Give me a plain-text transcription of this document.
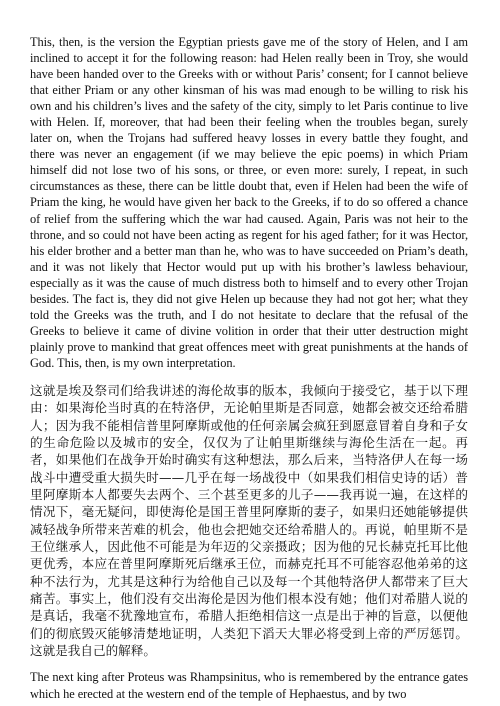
This, then, is the version the Egyptian priests gave me of the story of Helen, and I am inclined to accept it for the following reason: had Helen really been in Troy, she would have been handed over to the Greeks with or without Paris’ consent; for I cannot believe that either Priam or any other kinsman of his was mad enough to be willing to risk his own and his children’s lives and the safety of the city, simply to let Paris continue to live with Helen. If, moreover, that had been their feeling when the troubles began, surely later on, when the Trojans had suffered heavy losses in every battle they fought, and there was never an engagement (if we may believe the epic poems) in which Priam himself did not lose two of his sons, or three, or even more: surely, I repeat, in such circumstances as these, there can be little doubt that, even if Helen had been the wife of Priam the king, he would have given her back to the Greeks, if to do so offered a chance of relief from the suffering which the war had caused. Again, Paris was not heir to the throne, and so could not have been acting as regent for his aged father; for it was Hector, his elder brother and a better man than he, who was to have succeeded on Priam’s death, and it was not likely that Hector would put up with his brother’s lawless behaviour, especially as it was the cause of much distress both to himself and to every other Trojan besides. The fact is, they did not give Helen up because they had not got her; what they told the Greeks was the truth, and I do not hesitate to declare that the refusal of the Greeks to believe it came of divine volition in order that their utter destruction might plainly prove to mankind that great offences meet with great punishments at the hands of God. This, then, is my own interpretation.

这就是埃及祭司们给我讲述的海伦故事的版本，我倾向于接受它，基于以下理由：如果海伦当时真的在特洛伊，无论帕里斯是否同意，她都会被交还给希腊人；因为我不能相信普里阿摩斯或他的任何亲属会疯狂到愿意冒着自身和子女的生命危险以及城市的安全，仅仅为了让帕里斯继续与海伦生活在一起。再者，如果他们在战争开始时确实有这种想法，那么后来，当特洛伊人在每一场战斗中遭受重大损失时——几乎在每一场战役中（如果我们相信史诗的话）普里阿摩斯本人都要失去两个、三个甚至更多的儿子——我再说一遍，在这样的情况下，毫无疑问，即使海伦是国王普里阿摩斯的妻子，如果归还她能够提供减轻战争所带来苦难的机会，他也会把她交还给希腊人的。再说，帕里斯不是王位继承人，因此他不可能是为年迈的父亲摄政；因为他的兄长赫克托耳比他更优秀，本应在普里阿摩斯死后继承王位，而赫克托耳不可能容忍他弟弟的这种不法行为，尤其是这种行为给他自己以及每一个其他特洛伊人都带来了巨大痛苦。事实上，他们没有交出海伦是因为他们根本没有她；他们对希腊人说的是真话，我毫不犹豫地宣布，希腊人拒绝相信这一点是出于神的旨意，以便他们的彻底毁灭能够清楚地证明，人类犯下滔天大罪必将受到上帝的严厉惩罚。这就是我自己的解释。

The next king after Proteus was Rhampsinitus, who is remembered by the entrance gates which he erected at the western end of the temple of Hephaestus, and by two
